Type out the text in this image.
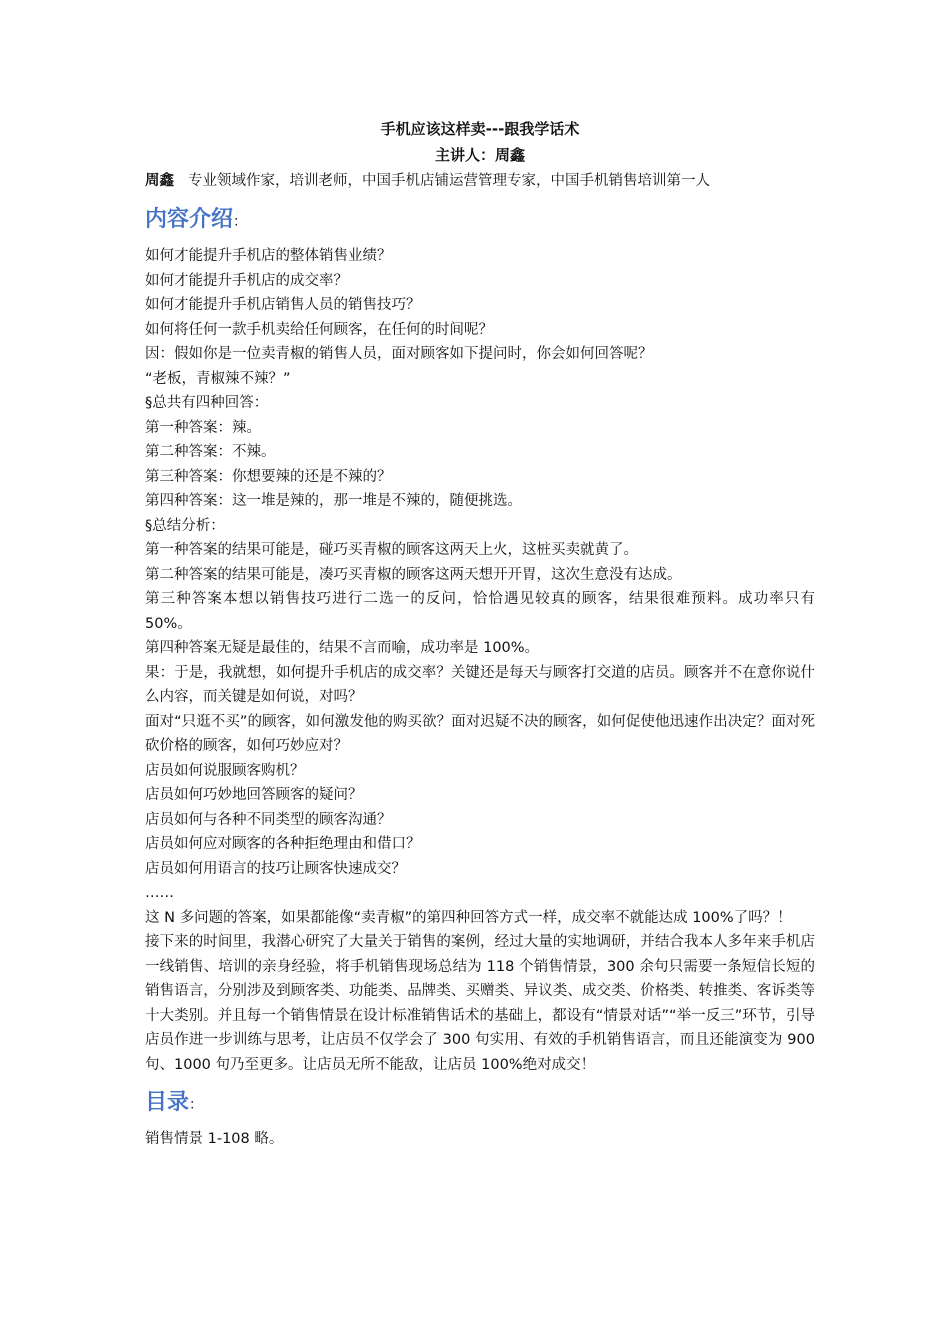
手机应该这样卖---跟我学话术

主讲人：周鑫

周鑫 专业领域作家，培训老师，中国手机店铺运营管理专家，中国手机销售培训第一人

内容介绍：

如何才能提升手机店的整体销售业绩？

如何才能提升手机店的成交率？

如何才能提升手机店销售人员的销售技巧？

如何将任何一款手机卖给任何顾客，在任何的时间呢？

因：假如你是一位卖青椒的销售人员，面对顾客如下提问时，你会如何回答呢？

“老板，青椒辣不辣？”

§总共有四种回答：

第一种答案：辣。

第二种答案：不辣。

第三种答案：你想要辣的还是不辣的？

第四种答案：这一堆是辣的，那一堆是不辣的，随便挑选。

§总结分析：

第一种答案的结果可能是，碰巧买青椒的顾客这两天上火，这桩买卖就黄了。

第二种答案的结果可能是，凑巧买青椒的顾客这两天想开开胃，这次生意没有达成。

第三种答案本想以销售技巧进行二选一的反问，恰恰遇见较真的顾客，结果很难预料。成功率只有 50%。

第四种答案无疑是最佳的，结果不言而喻，成功率是 100%。

果：于是，我就想，如何提升手机店的成交率？关键还是每天与顾客打交道的店员。顾客并不在意你说什么内容，而关键是如何说，对吗？

面对“只逛不买”的顾客，如何激发他的购买欲？面对迟疑不决的顾客，如何促使他迅速作出决定？面对死砍价格的顾客，如何巧妙应对？

店员如何说服顾客购机？

店员如何巧妙地回答顾客的疑问？

店员如何与各种不同类型的顾客沟通？

店员如何应对顾客的各种拒绝理由和借口？

店员如何用语言的技巧让顾客快速成交？

……

这 N 多问题的答案，如果都能像“卖青椒”的第四种回答方式一样，成交率不就能达成 100%了吗？！

接下来的时间里，我潜心研究了大量关于销售的案例，经过大量的实地调研，并结合我本人多年来手机店一线销售、培训的亲身经验，将手机销售现场总结为 118 个销售情景，300 余句只需要一条短信长短的销售语言，分别涉及到顾客类、功能类、品牌类、买赠类、异议类、成交类、价格类、转推类、客诉类等十大类别。并且每一个销售情景在设计标准销售话术的基础上，都设有“情景对话”“举一反三”环节，引导店员作进一步训练与思考，让店员不仅学会了 300 句实用、有效的手机销售语言，而且还能演变为 900 句、1000 句乃至更多。让店员无所不能敌，让店员 100%绝对成交！

目录：

销售情景 1-108 略。
